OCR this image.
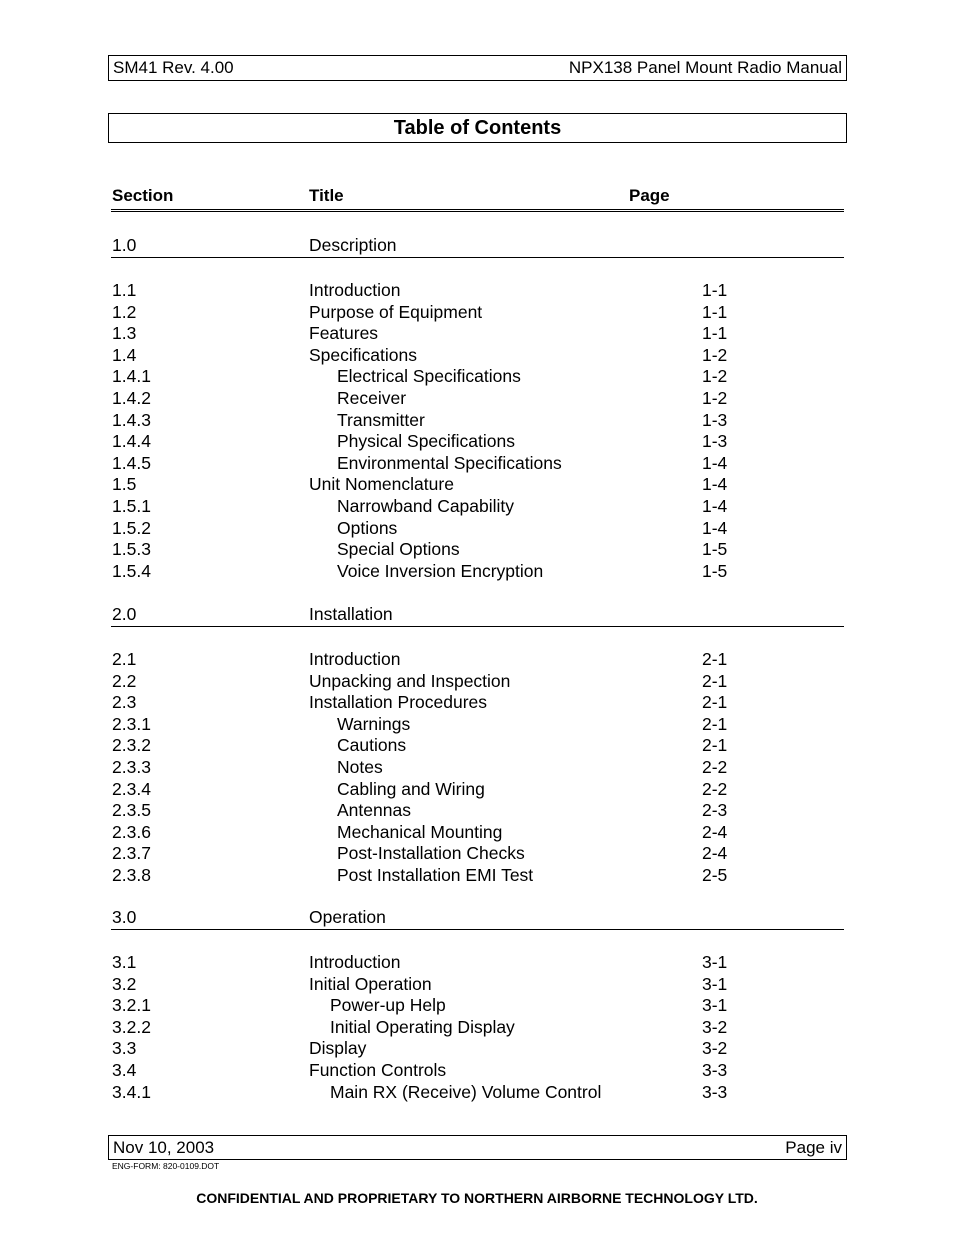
SM41 Rev. 4.00	NPX138 Panel Mount Radio Manual
Table of Contents
Section	Title	Page
1.0	Description
1.1	Introduction	1-1
1.2	Purpose of Equipment	1-1
1.3	Features	1-1
1.4	Specifications	1-2
1.4.1	Electrical Specifications	1-2
1.4.2	Receiver	1-2
1.4.3	Transmitter	1-3
1.4.4	Physical Specifications	1-3
1.4.5	Environmental Specifications	1-4
1.5	Unit Nomenclature	1-4
1.5.1	Narrowband Capability	1-4
1.5.2	Options	1-4
1.5.3	Special Options	1-5
1.5.4	Voice Inversion Encryption	1-5
2.0	Installation
2.1	Introduction	2-1
2.2	Unpacking and Inspection	2-1
2.3	Installation Procedures	2-1
2.3.1	Warnings	2-1
2.3.2	Cautions	2-1
2.3.3	Notes	2-2
2.3.4	Cabling and Wiring	2-2
2.3.5	Antennas	2-3
2.3.6	Mechanical Mounting	2-4
2.3.7	Post-Installation Checks	2-4
2.3.8	Post Installation EMI Test	2-5
3.0	Operation
3.1	Introduction	3-1
3.2	Initial Operation	3-1
3.2.1	Power-up Help	3-1
3.2.2	Initial Operating Display	3-2
3.3	Display	3-2
3.4	Function Controls	3-3
3.4.1	Main RX (Receive) Volume Control	3-3
Nov 10, 2003	Page iv
ENG-FORM: 820-0109.DOT
CONFIDENTIAL AND PROPRIETARY TO NORTHERN AIRBORNE TECHNOLOGY LTD.
